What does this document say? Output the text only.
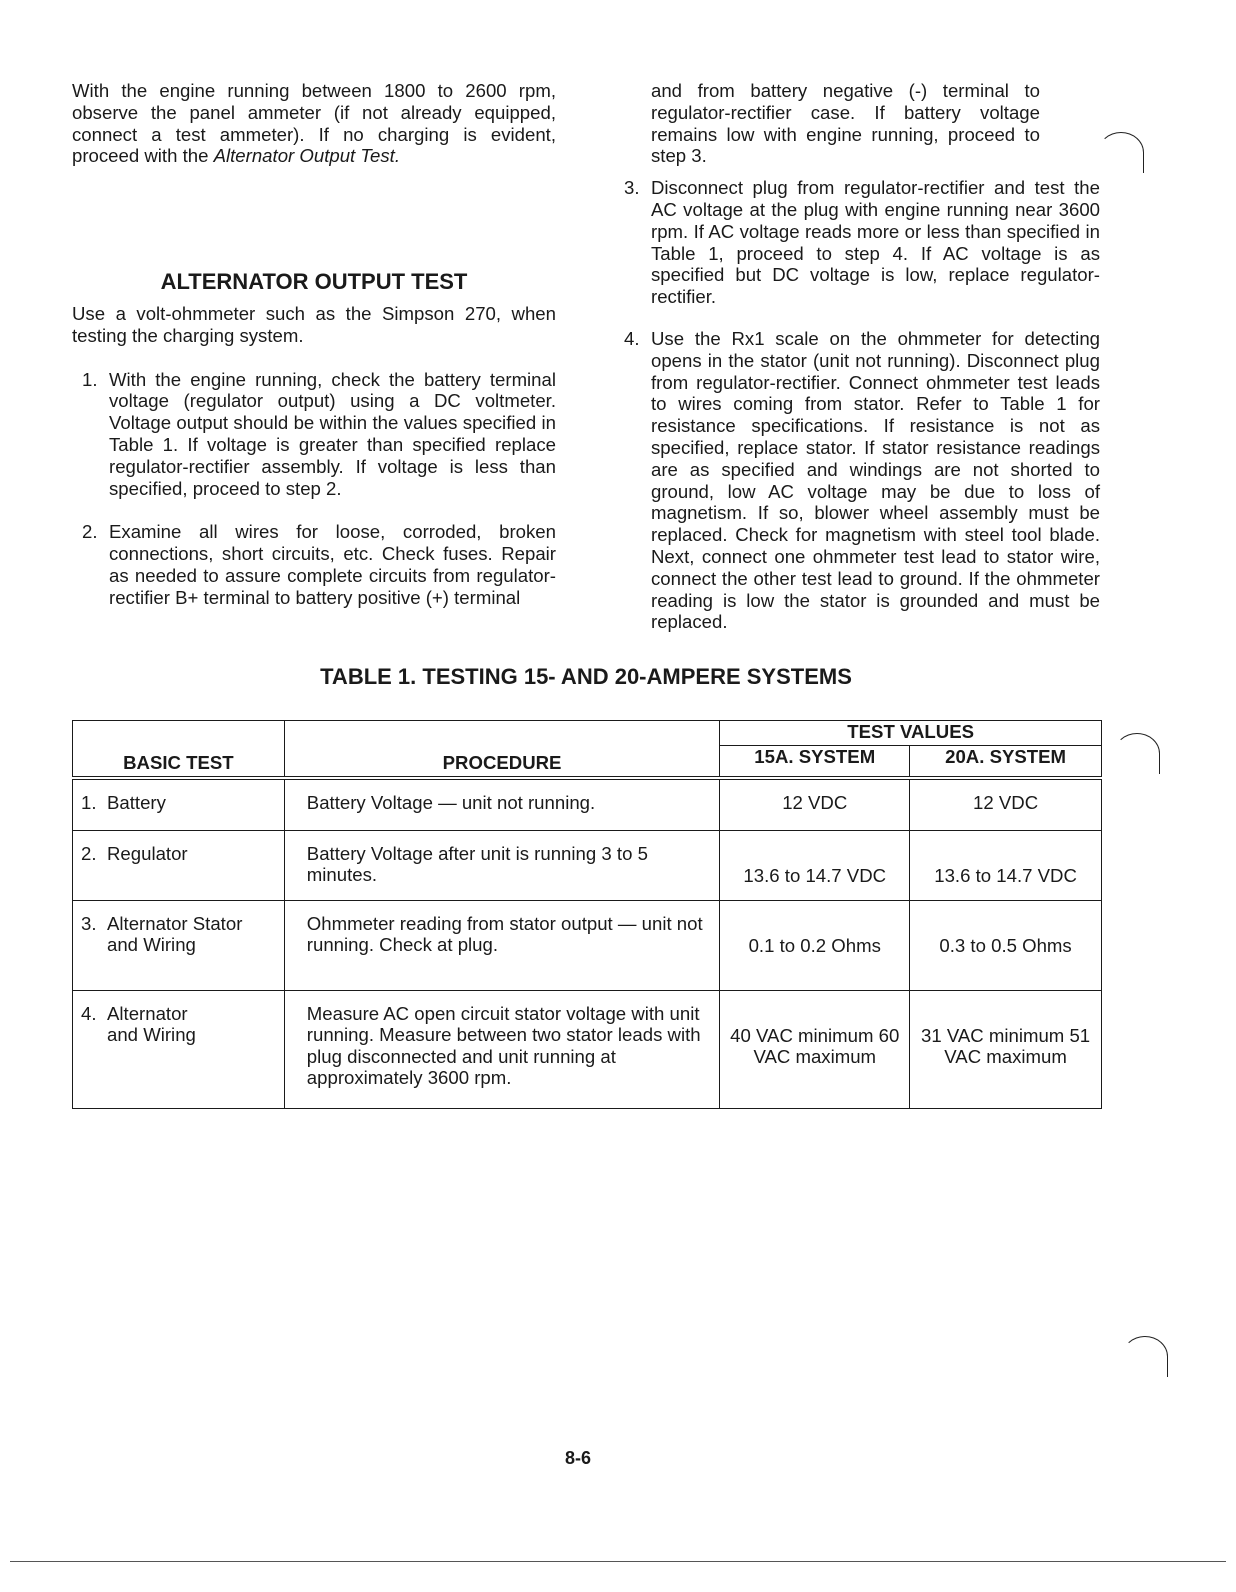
With the engine running between 1800 to 2600 rpm, observe the panel ammeter (if not already equipped, connect a test ammeter). If no charging is evident, proceed with the Alternator Output Test.

ALTERNATOR OUTPUT TEST

Use a volt-ohmmeter such as the Simpson 270, when testing the charging system.

1. With the engine running, check the battery terminal voltage (regulator output) using a DC voltmeter. Voltage output should be within the values specified in Table 1. If voltage is greater than specified replace regulator-rectifier assembly. If voltage is less than specified, proceed to step 2.
2. Examine all wires for loose, corroded, broken connections, short circuits, etc. Check fuses. Repair as needed to assure complete circuits from regulator-rectifier B+ terminal to battery positive (+) terminal

and from battery negative (-) terminal to regulator-rectifier case. If battery voltage remains low with engine running, proceed to step 3.

3. Disconnect plug from regulator-rectifier and test the AC voltage at the plug with engine running near 3600 rpm. If AC voltage reads more or less than specified in Table 1, proceed to step 4. If AC voltage is as specified but DC voltage is low, replace regulator-rectifier.
4. Use the Rx1 scale on the ohmmeter for detecting opens in the stator (unit not running). Disconnect plug from regulator-rectifier. Connect ohmmeter test leads to wires coming from stator. Refer to Table 1 for resistance specifications. If resistance is not as specified, replace stator. If stator resistance readings are as specified and windings are not shorted to ground, low AC voltage may be due to loss of magnetism. If so, blower wheel assembly must be replaced. Check for magnetism with steel tool blade. Next, connect one ohmmeter test lead to stator wire, connect the other test lead to ground. If the ohmmeter reading is low the stator is grounded and must be replaced.
TABLE 1. TESTING 15- AND 20-AMPERE SYSTEMS
BASIC TEST	PROCEDURE	TEST VALUES	
		15A. SYSTEM	20A. SYSTEM
1. Battery	Battery Voltage — unit not running.	12 VDC	12 VDC
2. Regulator	Battery Voltage after unit is running 3 to 5 minutes.	13.6 to 14.7 VDC	13.6 to 14.7 VDC

3. Alternator Stator
and Wiring	Ohmmeter reading from stator output — unit not running. Check at plug.	0.1 to 0.2 Ohms	0.3 to 0.5 Ohms

4. Alternator
and Wiring	Measure AC open circuit stator voltage with unit running. Measure between two stator leads with plug disconnected and unit running at approximately 3600 rpm.	40 VAC minimum 60 VAC maximum	31 VAC minimum 51 VAC maximum
8-6
